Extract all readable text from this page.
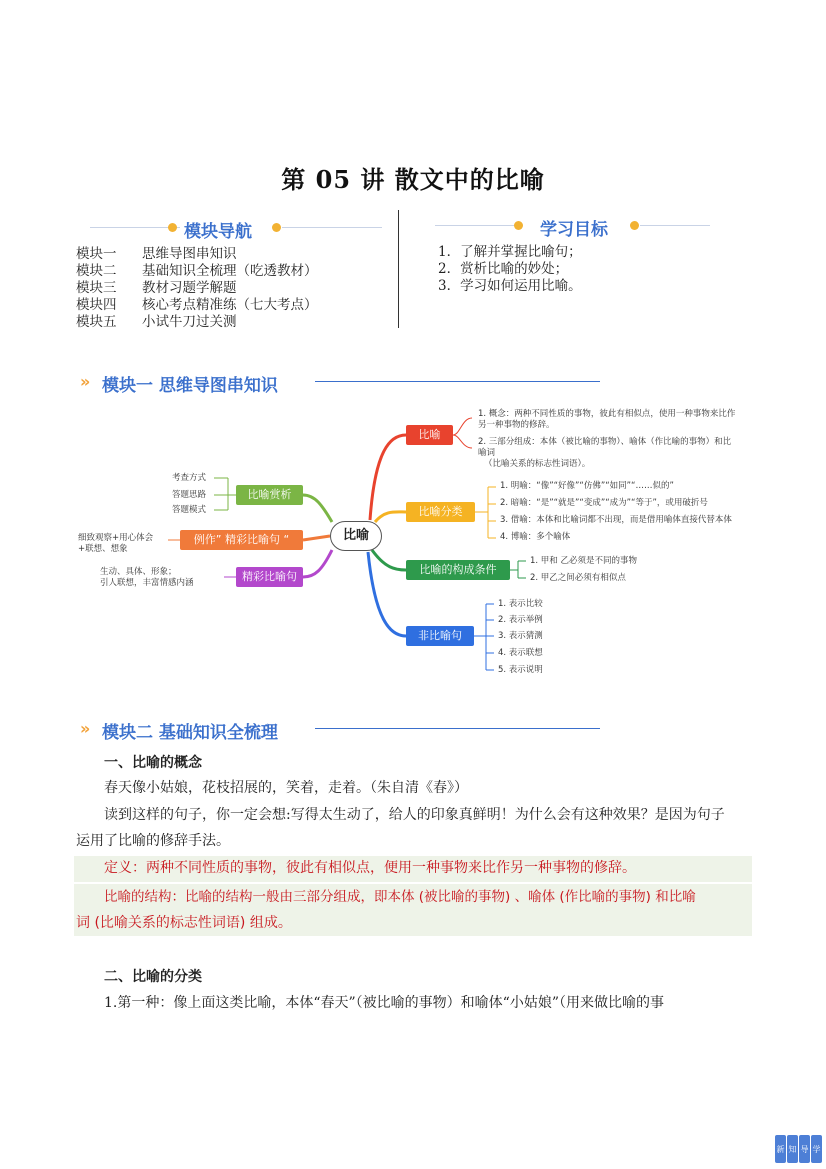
第 05 讲 散文中的比喻
模块导航
模块一 思维导图串知识
模块二 基础知识全梳理（吃透教材）
模块三 教材习题学解题
模块四 核心考点精准练（七大考点）
模块五 小试牛刀过关测
学习目标
1．了解并掌握比喻句；
2．赏析比喻的妙处；
3．学习如何运用比喻。
» 模块一 思维导图串知识
比喻
比喻
比喻分类
比喻的构成条件
非比喻句
比喻赏析
例作” 精彩比喻句 “
精彩比喻句
1. 概念：两种不同性质的事物，彼此有相似点，使用一种事物来比作
另一种事物的修辞。
2. 三部分组成：本体（被比喻的事物）、喻体（作比喻的事物）和比
喻词
（比喻关系的标志性词语）。
1. 明喻：“像”“好像”“仿佛”“如同”“……似的”
2. 暗喻：“是”“就是”“变成”“成为”“等于”，或用破折号
3. 借喻：本体和比喻词都不出现，而是借用喻体直接代替本体
4. 博喻：多个喻体
1. 甲和 乙必须是不同的事物
2. 甲乙之间必须有相似点
1. 表示比较
2. 表示举例
3. 表示猜测
4. 表示联想
5. 表示说明
考查方式
答题思路
答题模式
细致观察+用心体会
+联想、想象
生动、具体、形象；
引人联想，丰富情感内涵
» 模块二 基础知识全梳理
一、比喻的概念
春天像小姑娘，花枝招展的，笑着，走着。（朱自清《春》）
读到这样的句子，你一定会想:写得太生动了，给人的印象真鲜明！为什么会有这种效果？是因为句子
运用了比喻的修辞手法。
定义：两种不同性质的事物，彼此有相似点，便用一种事物来比作另一种事物的修辞。
比喻的结构：比喻的结构一般由三部分组成，即本体 (被比喻的事物) 、喻体 (作比喻的事物) 和比喻
词 (比喻关系的标志性词语) 组成。
二、比喻的分类
1.第一种：像上面这类比喻，本体“春天”（被比喻的事物）和喻体“小姑娘”（用来做比喻的事
新 知 导 学
